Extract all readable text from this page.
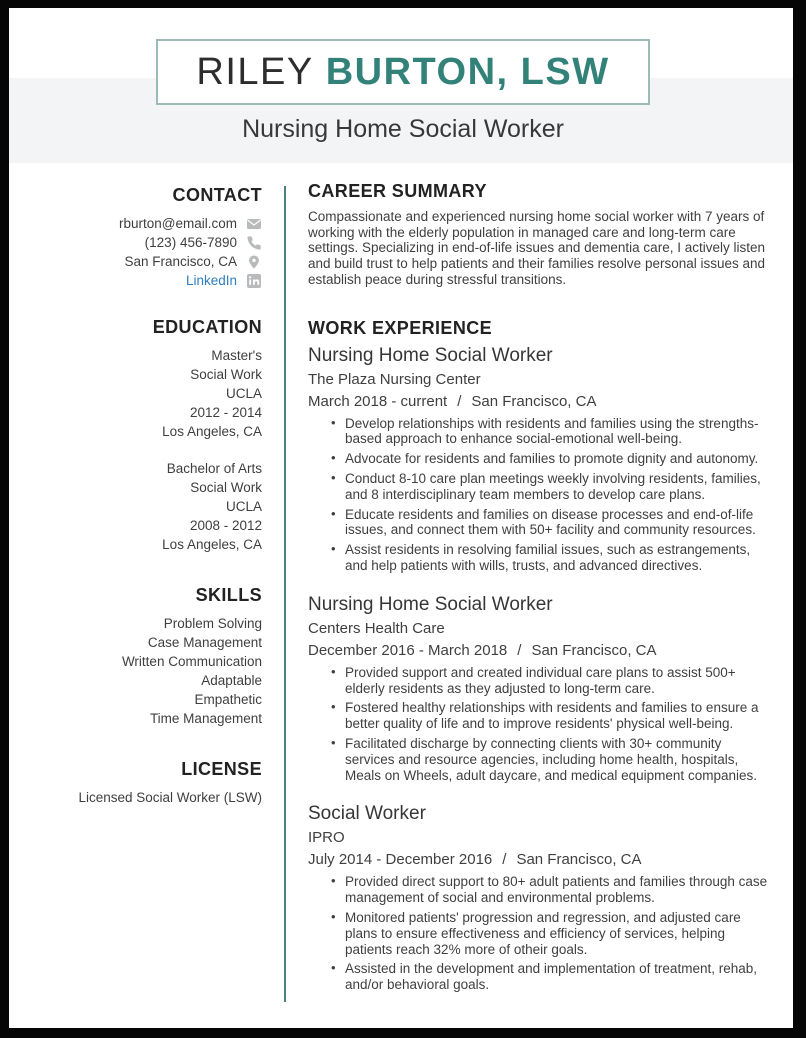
RILEY BURTON, LSW
Nursing Home Social Worker
CONTACT
rburton@email.com
(123) 456-7890
San Francisco, CA
LinkedIn
EDUCATION
Master's
Social Work
UCLA
2012 - 2014
Los Angeles, CA
Bachelor of Arts
Social Work
UCLA
2008 - 2012
Los Angeles, CA
SKILLS
Problem Solving
Case Management
Written Communication
Adaptable
Empathetic
Time Management
LICENSE
Licensed Social Worker (LSW)
CAREER SUMMARY

Compassionate and experienced nursing home social worker with 7 years of working with the elderly population in managed care and long-term care settings. Specializing in end-of-life issues and dementia care, I actively listen and build trust to help patients and their families resolve personal issues and establish peace during stressful transitions.

WORK EXPERIENCE
Nursing Home Social Worker
The Plaza Nursing Center
March 2018 - current / San Francisco, CA
• Develop relationships with residents and families using the strengths-based approach to enhance social-emotional well-being.
• Advocate for residents and families to promote dignity and autonomy.
• Conduct 8-10 care plan meetings weekly involving residents, families, and 8 interdisciplinary team members to develop care plans.
• Educate residents and families on disease processes and end-of-life issues, and connect them with 50+ facility and community resources.
• Assist residents in resolving familial issues, such as estrangements, and help patients with wills, trusts, and advanced directives.
Nursing Home Social Worker
Centers Health Care
December 2016 - March 2018 / San Francisco, CA
• Provided support and created individual care plans to assist 500+ elderly residents as they adjusted to long-term care.
• Fostered healthy relationships with residents and families to ensure a better quality of life and to improve residents' physical well-being.
• Facilitated discharge by connecting clients with 30+ community services and resource agencies, including home health, hospitals, Meals on Wheels, adult daycare, and medical equipment companies.
Social Worker
IPRO
July 2014 - December 2016 / San Francisco, CA
• Provided direct support to 80+ adult patients and families through case management of social and environmental problems.
• Monitored patients' progression and regression, and adjusted care plans to ensure effectiveness and efficiency of services, helping patients reach 32% more of otheir goals.
• Assisted in the development and implementation of treatment, rehab, and/or behavioral goals.
